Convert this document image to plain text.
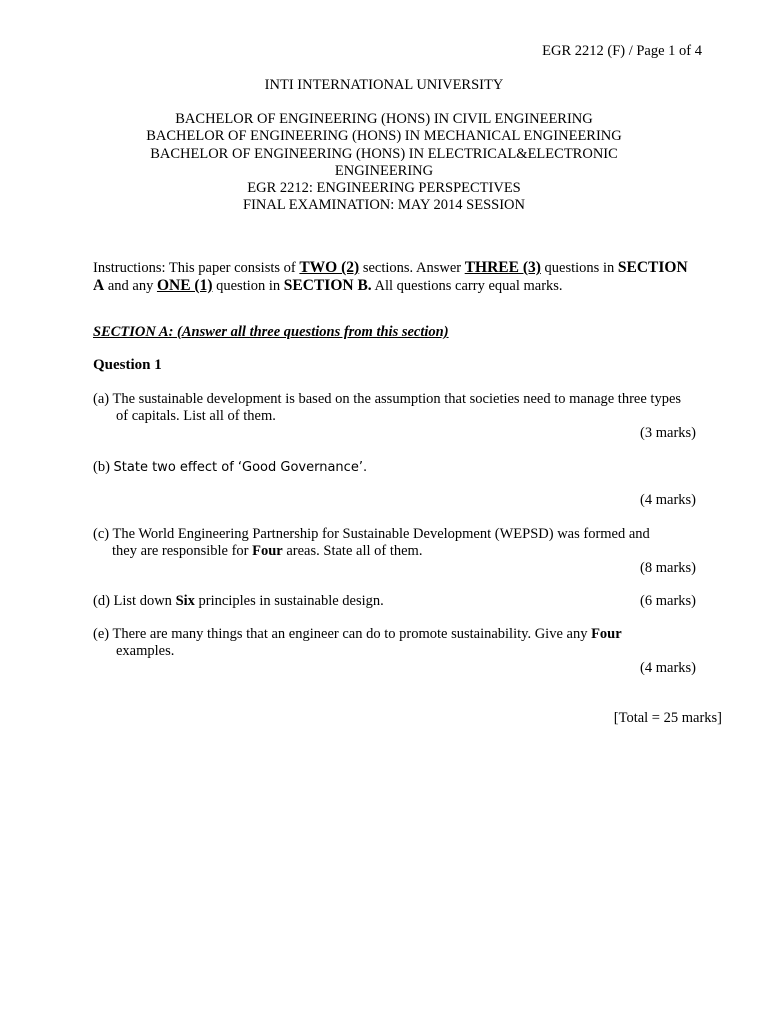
EGR 2212 (F) / Page 1 of 4
INTI INTERNATIONAL UNIVERSITY
BACHELOR OF ENGINEERING (HONS) IN CIVIL ENGINEERING
BACHELOR OF ENGINEERING (HONS) IN MECHANICAL ENGINEERING
BACHELOR OF ENGINEERING (HONS) IN ELECTRICAL&ELECTRONIC
ENGINEERING
EGR 2212: ENGINEERING PERSPECTIVES
FINAL EXAMINATION: MAY 2014 SESSION
Instructions: This paper consists of TWO (2) sections. Answer THREE (3) questions in SECTION
A and any ONE (1) question in SECTION B. All questions carry equal marks.
SECTION A: (Answer all three questions from this section)
Question 1
(a) The sustainable development is based on the assumption that societies need to manage three types
of capitals. List all of them.
(3 marks)
(b) State two effect of ‘Good Governance’.
(4 marks)
(c) The World Engineering Partnership for Sustainable Development (WEPSD) was formed and
they are responsible for Four areas. State all of them.
(8 marks)
(d) List down Six principles in sustainable design.	(6 marks)
(e) There are many things that an engineer can do to promote sustainability. Give any Four
examples.
(4 marks)
[Total = 25 marks]
